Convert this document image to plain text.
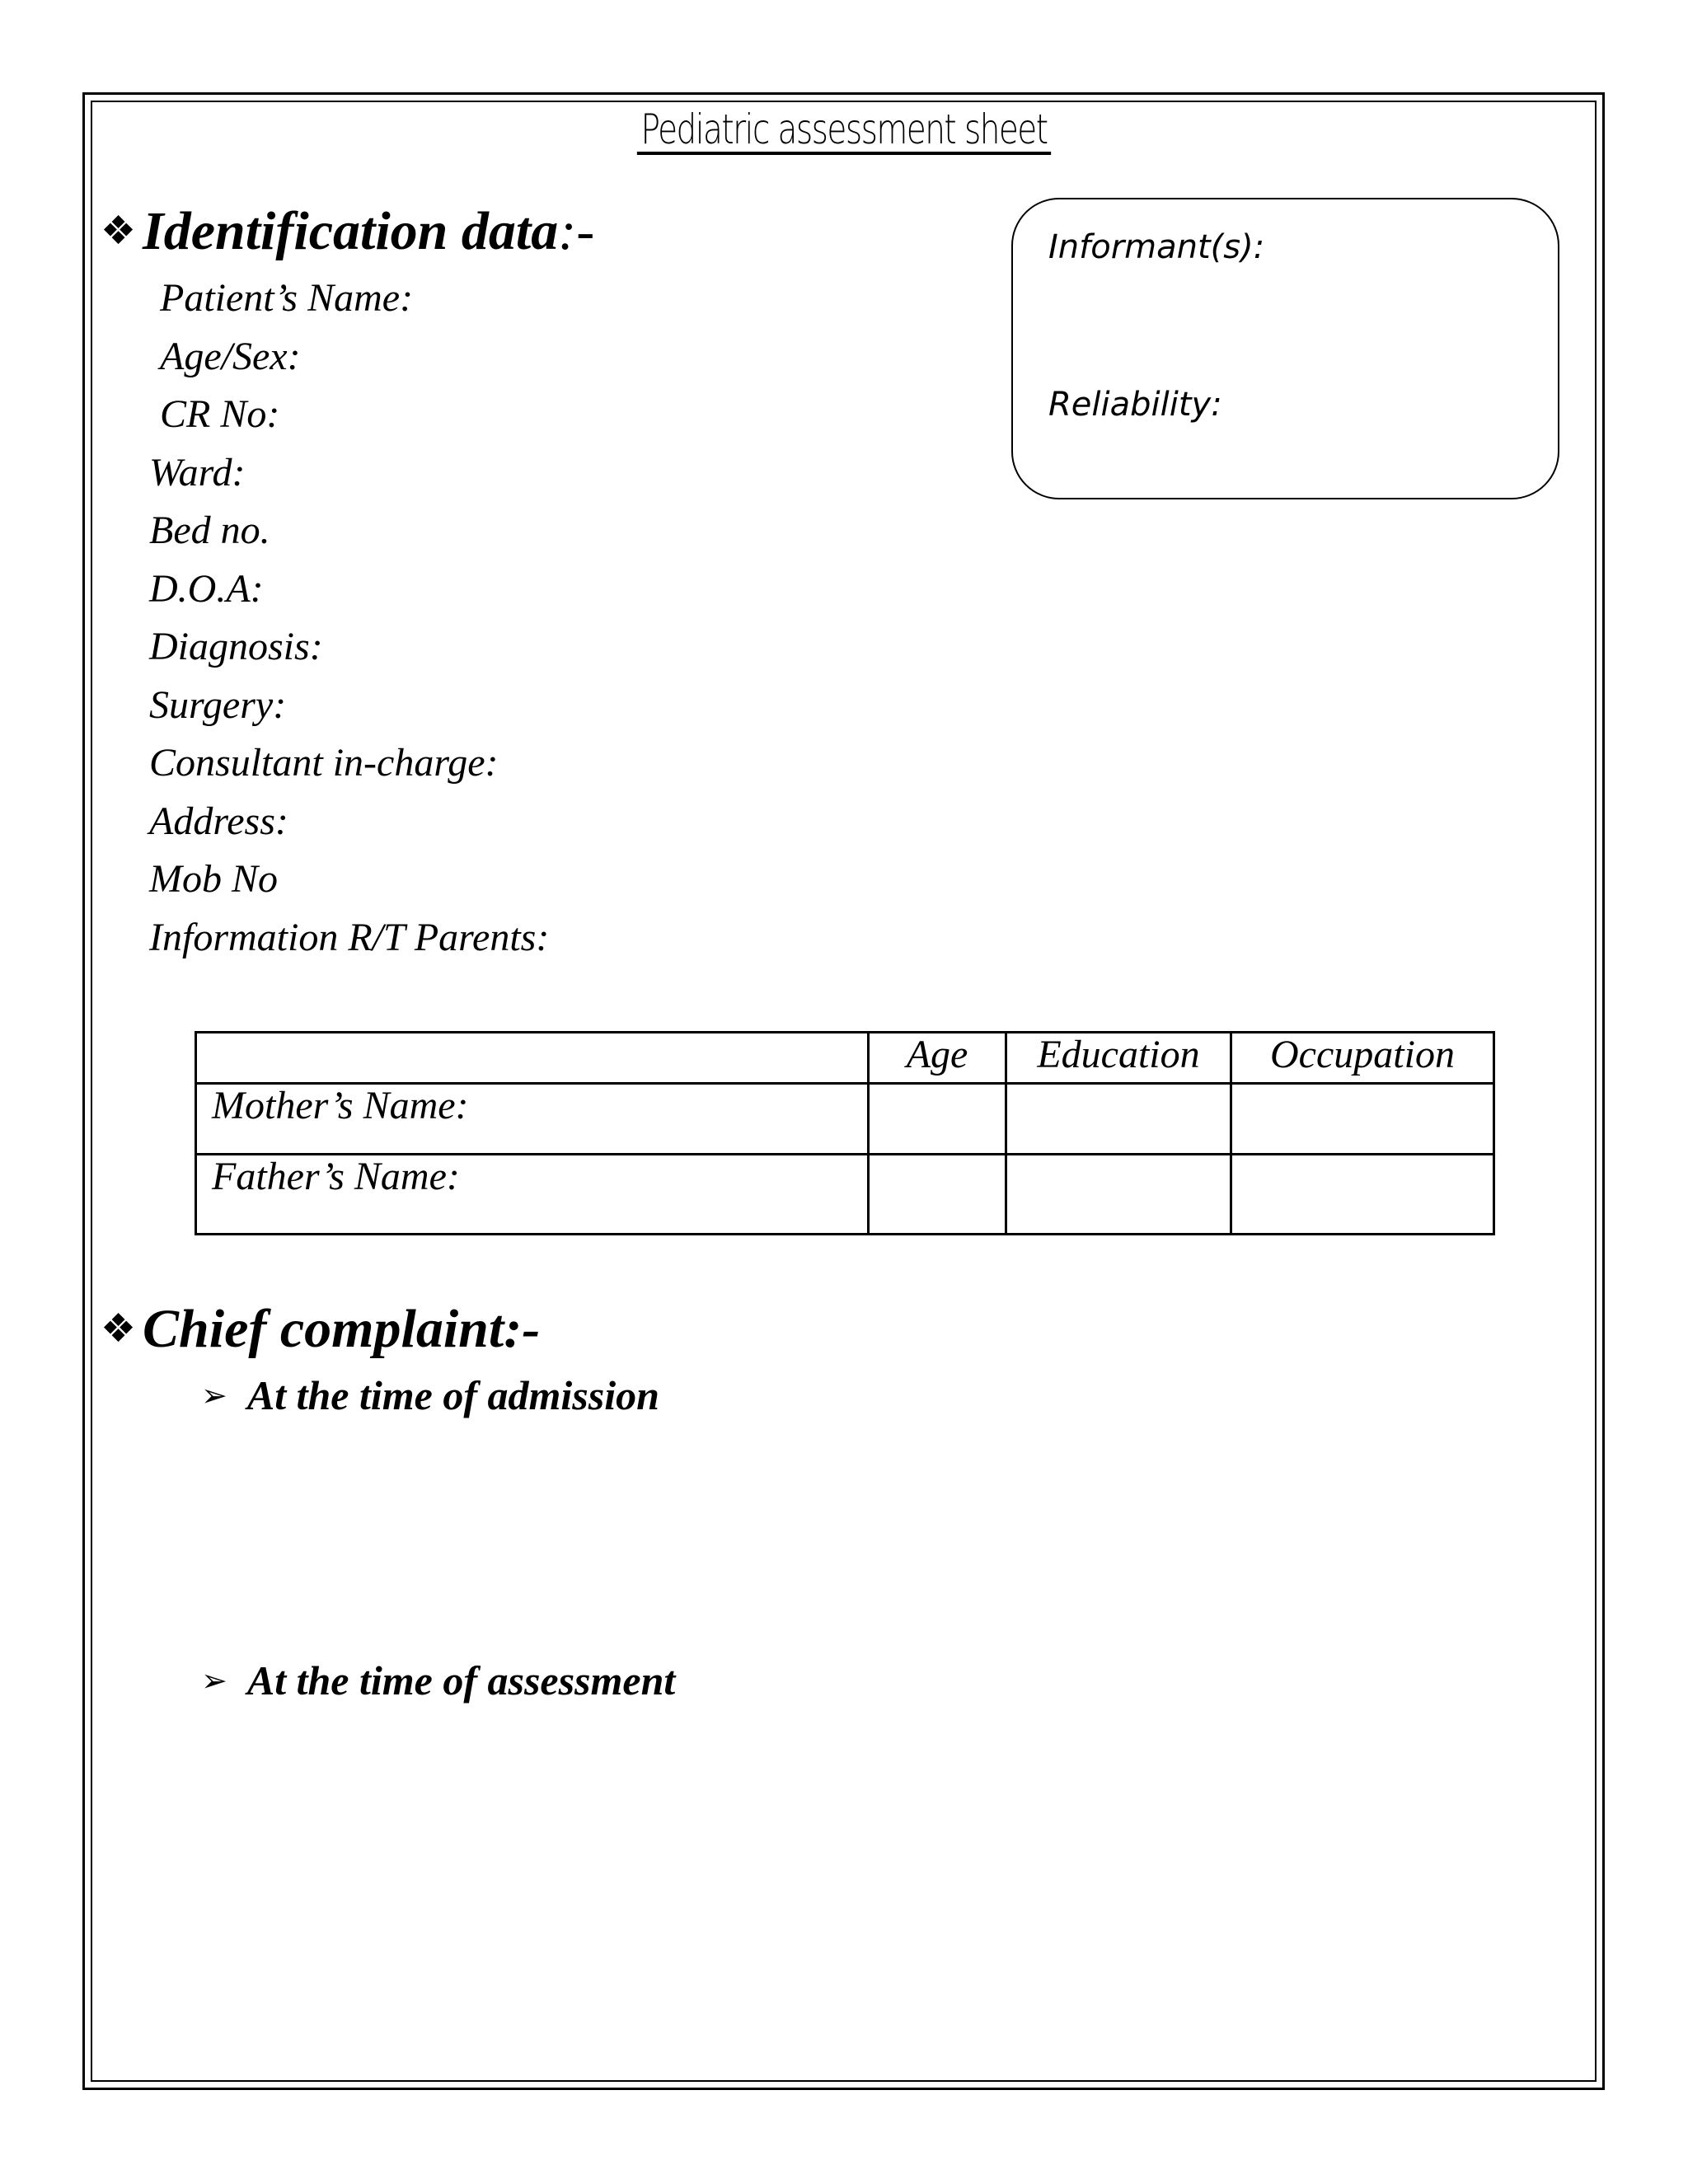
Pediatric assessment sheet
❖ Identification data:-
Patient’s Name:
Age/Sex:
CR No:
Ward:
Bed no.
D.O.A:
Diagnosis:
Surgery:
Consultant in-charge:
Address:
Mob No
Information R/T Parents:
Informant(s):
Reliability:
	Age	Education	Occupation
Mother’s Name:			
Father’s Name:			
❖ Chief complaint:-
➢ At the time of admission
➢ At the time of assessment
